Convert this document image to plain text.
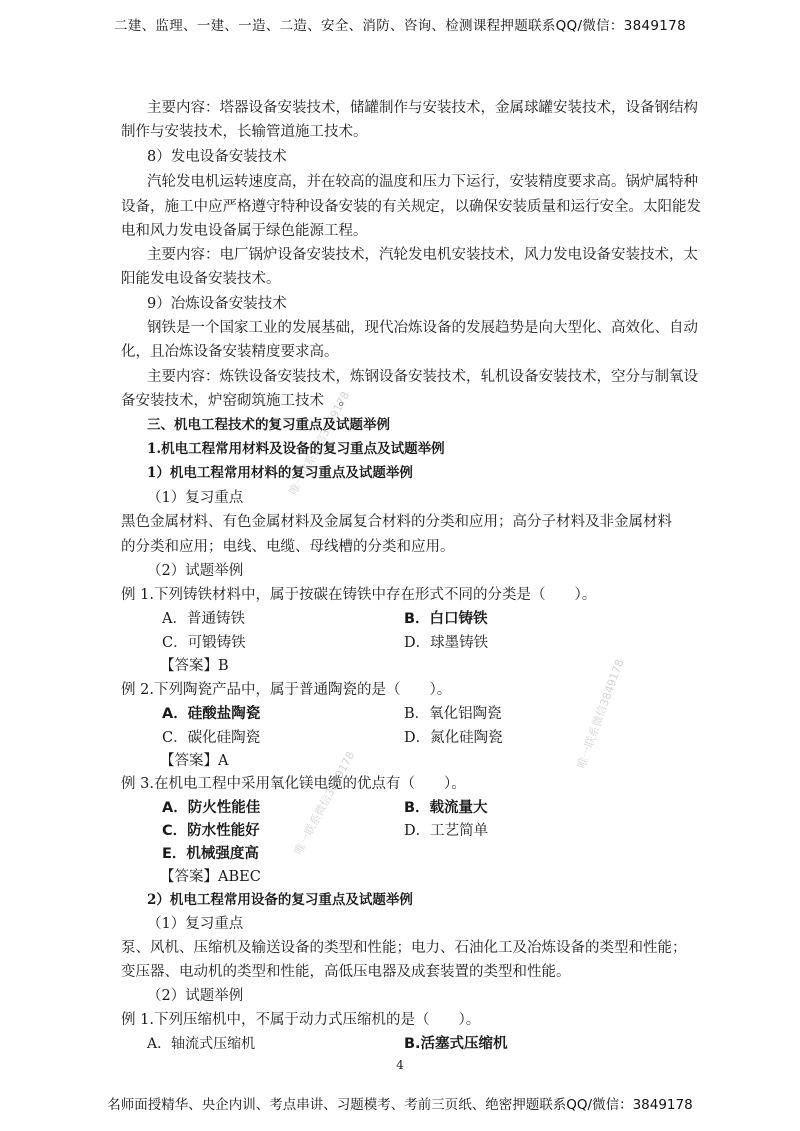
二建、监理、一建、一造、二造、安全、消防、咨询、检测课程押题联系QQ/微信：3849178
唯一联系微信3849178
唯一联系微信3849178
唯一联系微信3849178
主要内容：塔器设备安装技术，储罐制作与安装技术，金属球罐安装技术，设备钢结构
制作与安装技术，长输管道施工技术。
8）发电设备安装技术
汽轮发电机运转速度高，并在较高的温度和压力下运行，安装精度要求高。锅炉属特种
设备，施工中应严格遵守特种设备安装的有关规定，以确保安装质量和运行安全。太阳能发
电和风力发电设备属于绿色能源工程。
主要内容：电厂锅炉设备安装技术，汽轮发电机安装技术，风力发电设备安装技术，太
阳能发电设备安装技术。
9）冶炼设备安装技术
钢铁是一个国家工业的发展基础，现代冶炼设备的发展趋势是向大型化、高效化、自动
化，且冶炼设备安装精度要求高。
主要内容：炼铁设备安装技术，炼钢设备安装技术，轧机设备安装技术，空分与制氧设
备安装技术，炉窑砌筑施工技术　。
三、机电工程技术的复习重点及试题举例
1.机电工程常用材料及设备的复习重点及试题举例
1）机电工程常用材料的复习重点及试题举例
（1）复习重点
黑色金属材料、有色金属材料及金属复合材料的分类和应用；高分子材料及非金属材料
的分类和应用；电线、电缆、母线槽的分类和应用。
（2）试题举例
例 1.下列铸铁材料中，属于按碳在铸铁中存在形式不同的分类是（　　）。
A．普通铸铁	B．白口铸铁
C．可锻铸铁	D．球墨铸铁
【答案】B
例 2.下列陶瓷产品中，属于普通陶瓷的是（　　）。
A．硅酸盐陶瓷	B．氧化铝陶瓷
C．碳化硅陶瓷	D．氮化硅陶瓷
【答案】A
例 3.在机电工程中采用氧化镁电缆的优点有（　　）。
A．防火性能佳	B．载流量大
C．防水性能好	D．工艺简单
E．机械强度高
【答案】ABEC
2）机电工程常用设备的复习重点及试题举例
（1）复习重点
泵、风机、压缩机及输送设备的类型和性能；电力、石油化工及冶炼设备的类型和性能；
变压器、电动机的类型和性能，高低压电器及成套装置的类型和性能。
（2）试题举例
例 1.下列压缩机中，不属于动力式压缩机的是（　　）。
A．轴流式压缩机	B.活塞式压缩机
4
名师面授精华、央企内训、考点串讲、习题模考、考前三页纸、绝密押题联系QQ/微信：3849178
